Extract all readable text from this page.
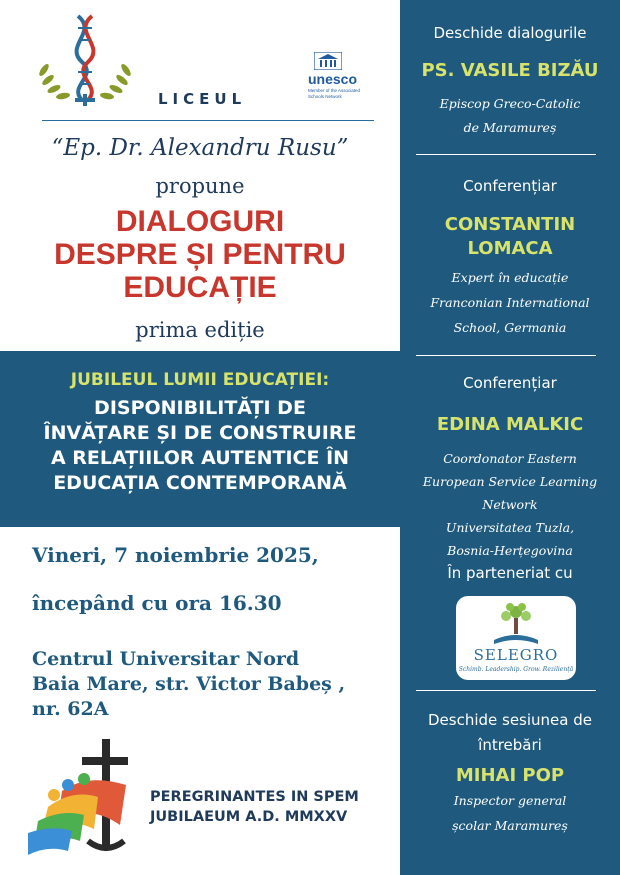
LICEUL
unesco
Member of the Associated Schools Network
“Ep. Dr. Alexandru Rusu”
propune
DIALOGURI
DESPRE ȘI PENTRU
EDUCAȚIE
prima ediție
JUBILEUL LUMII EDUCAȚIEI:
DISPONIBILITĂȚI DE
ÎNVĂȚARE ȘI DE CONSTRUIRE
A RELAȚIILOR AUTENTICE ÎN
EDUCAȚIA CONTEMPORANĂ
Vineri, 7 noiembrie 2025,
începând cu ora 16.30
Centrul Universitar Nord
Baia Mare, str. Victor Babeș ,
nr. 62A
PEREGRINANTES IN SPEM
JUBILAEUM A.D. MMXXV
Deschide dialogurile
PS. VASILE BIZĂU
Episcop Greco-Catolic
de Maramureș
Conferențiar
CONSTANTIN
LOMACA
Expert în educație
Franconian International
School, Germania
Conferențiar
EDINA MALKIC
Coordonator Eastern
European Service Learning
Network
Universitatea Tuzla,
Bosnia-Herțegovina
În parteneriat cu
SELEGRO
Schimb. Leadership. Grow. Reziliență
Deschide sesiunea de
întrebări
MIHAI POP
Inspector general
școlar Maramureș
